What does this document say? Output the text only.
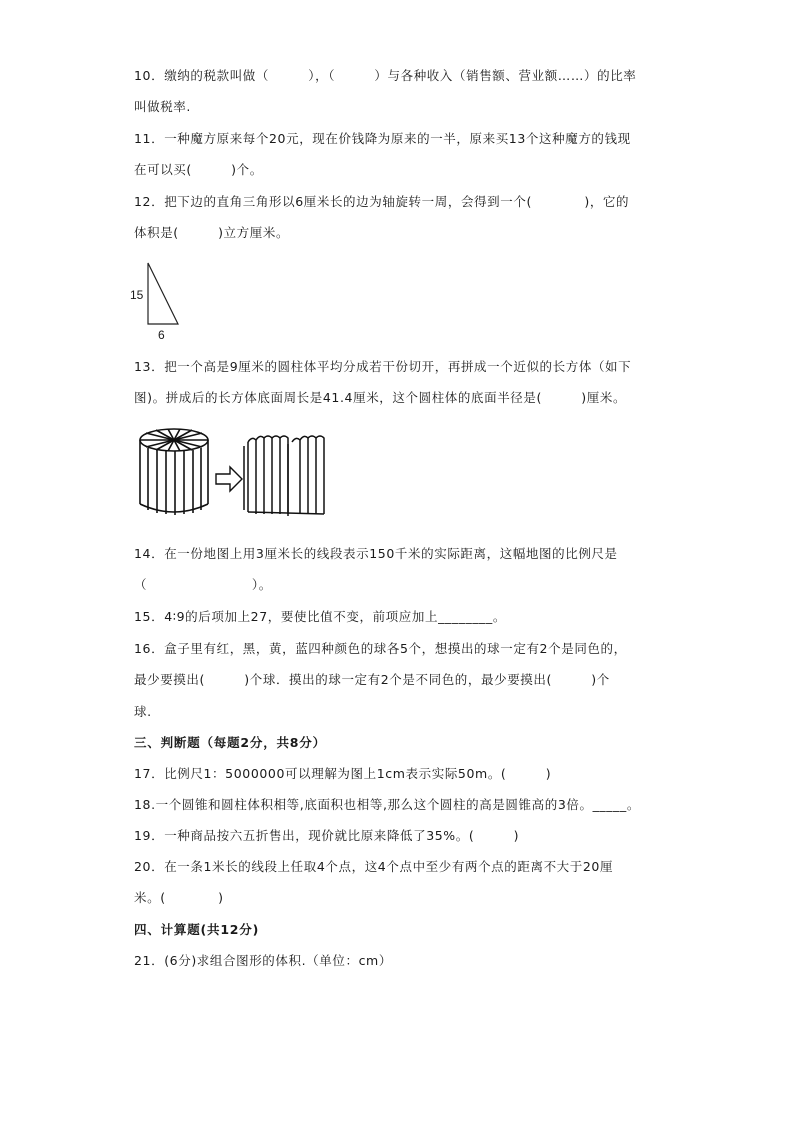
10．缴纳的税款叫做（　　　），（　　　）与各种收入（销售额、营业额……）的比率
叫做税率.
11．一种魔方原来每个20元，现在价钱降为原来的一半，原来买13个这种魔方的钱现
在可以买(　　　)个。
12．把下边的直角三角形以6厘米长的边为轴旋转一周，会得到一个(　　　　)，它的
体积是(　　　)立方厘米。
15
6
13．把一个高是9厘米的圆柱体平均分成若干份切开，再拼成一个近似的长方体（如下
图)。拼成后的长方体底面周长是41.4厘米，这个圆柱体的底面半径是(　　　)厘米。
14．在一份地图上用3厘米长的线段表示150千米的实际距离，这幅地图的比例尺是
（　　　　　　　　）。
15．4∶9的后项加上27，要使比值不变，前项应加上________。
16．盒子里有红，黑，黄，蓝四种颜色的球各5个，想摸出的球一定有2个是同色的，
最少要摸出(　　　)个球．摸出的球一定有2个是不同色的，最少要摸出(　　　)个
球.
三、判断题（每题2分，共8分）
17．比例尺1：5000000可以理解为图上1cm表示实际50m。(　　　)
18.一个圆锥和圆柱体积相等,底面积也相等,那么这个圆柱的高是圆锥高的3倍。_____。
19．一种商品按六五折售出，现价就比原来降低了35%。(　　　)
20．在一条1米长的线段上任取4个点，这4个点中至少有两个点的距离不大于20厘
米。(　　　　)
四、计算题(共12分)
21．(6分)求组合图形的体积.（单位：cm）
